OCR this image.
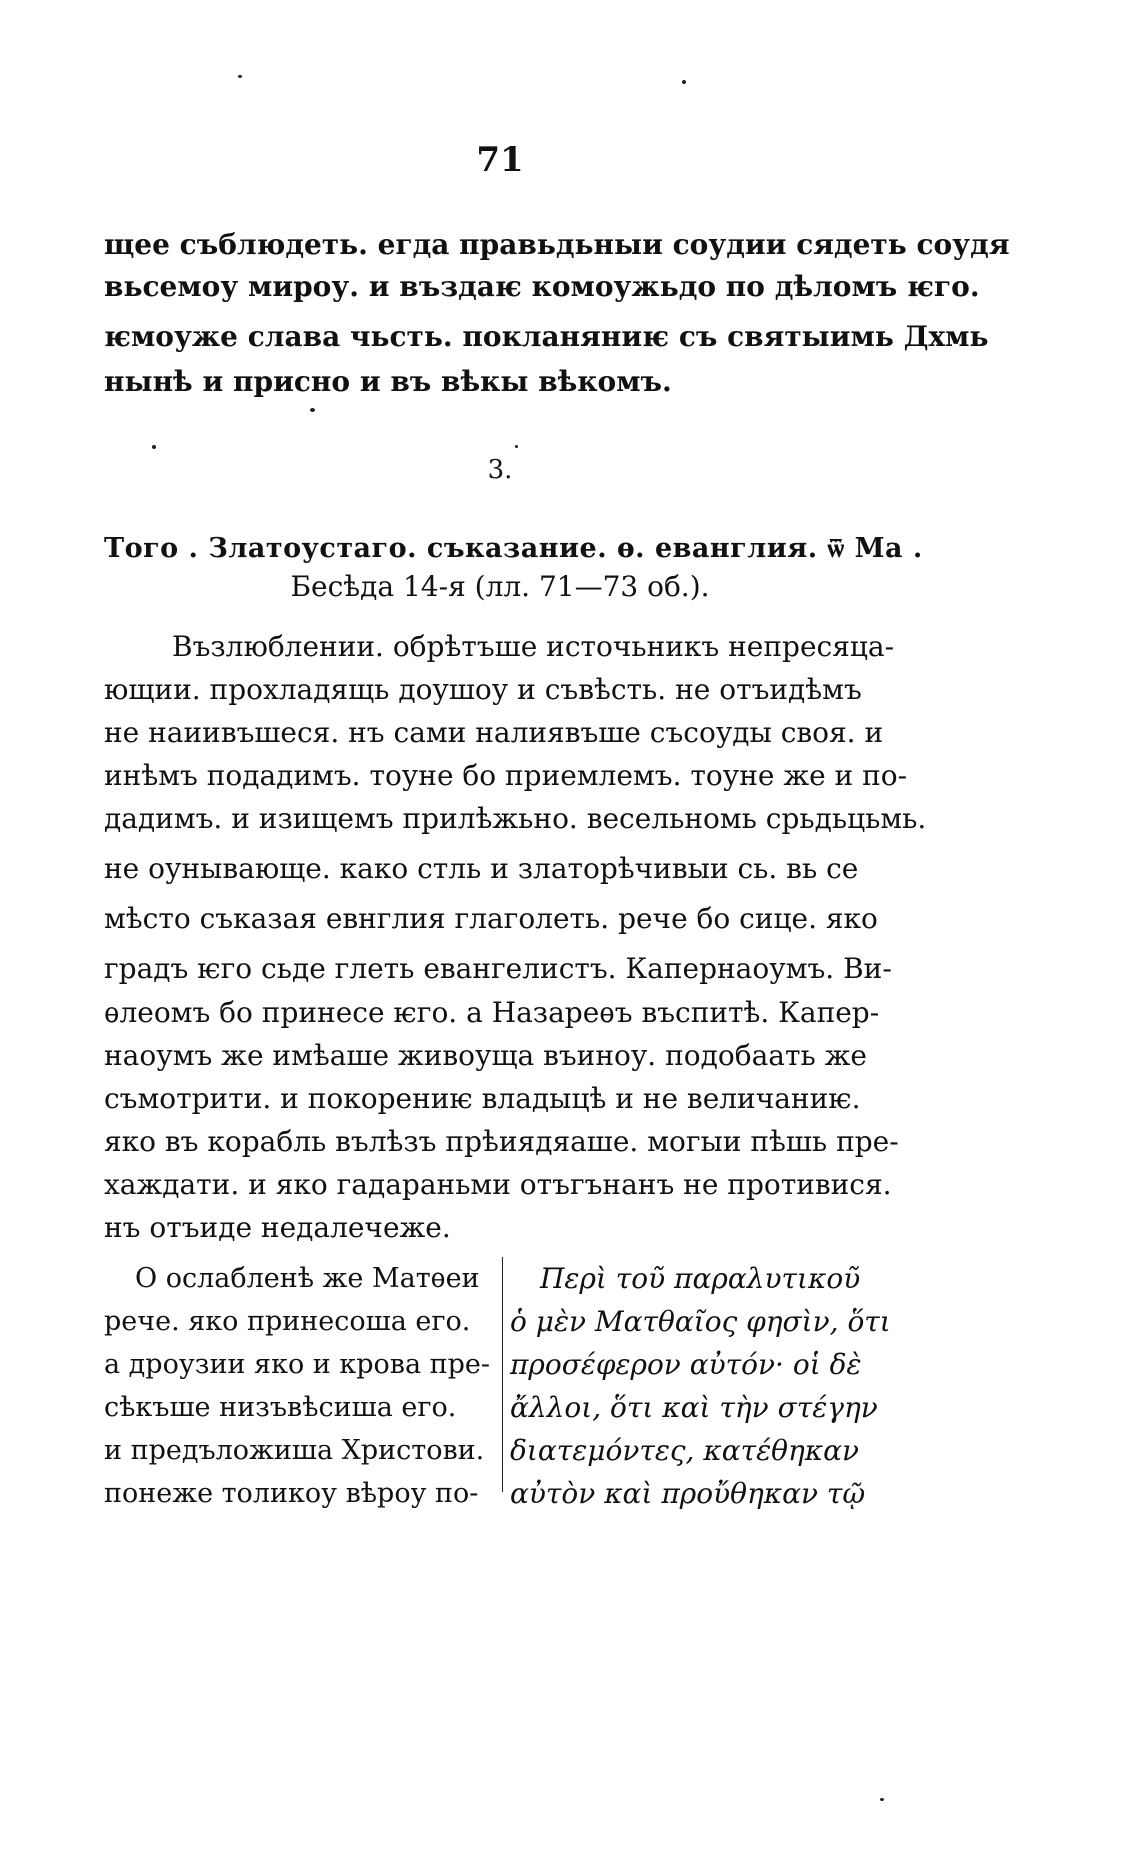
71
щее съблюдеть. егда правьдьныи соудии сядеть соудя
вьсемоу мироу. и въздаѥ комоужьдо по дѣломъ ѥго.
ѥмоуже слава чьсть. покланяниѥ съ святыимь Дхмь
нынѣ и присно и въ вѣкы вѣкомъ.
3.
Того . Златоустаго. съказание. ѳ. еванглия. ѿ Ма .
Бесѣда 14-я (лл. 71—73 об.).
Възлюблении. обрѣтъше источьникъ непресяца-
ющии. прохладящь доушоу и съвѣсть. не отъидѣмъ
не наиивъшеся. нъ сами налиявъше съсоуды своя. и
инѣмъ подадимъ. тоуне бо приемлемъ. тоуне же и по-
дадимъ. и изищемъ прилѣжьно. весельномь срьдьцьмь.
не оунывающе. како стль и златорѣчивыи сь. вь се
мѣсто съказая евнглия глаголеть. рече бо сице. яко
градъ ѥго сьде глеть евангелистъ. Капернаоумъ. Ви-
ѳлеомъ бо принесе ѥго. а Назареѳъ въспитѣ. Капер-
наоумъ же имѣаше живоуща въиноу. подобаать же
съмотрити. и покорениѥ владыцѣ и не величаниѥ.
яко въ корабль вълѣзъ прѣиядяаше. могыи пѣшь пре-
хаждати. и яко гадараньми отъгънанъ не противися.
нъ отъиде недалечеже.
О ослабленѣ же Матѳеи
рече. яко принесоша его.
а дроузии яко и крова пре-
сѣкъше низъвѣсиша его.
и предъложиша Христови.
понеже толикоу вѣроу по-
Περὶ τοῦ παραλυτικοῦ
ὁ μὲν Ματθαῖος φησὶν, ὅτι
προσέφερον αὐτόν· οἱ δὲ
ἄλλοι, ὅτι καὶ τὴν στέγην
διατεμόντες, κατέθηκαν
αὐτὸν καὶ προὔθηκαν τῷ
